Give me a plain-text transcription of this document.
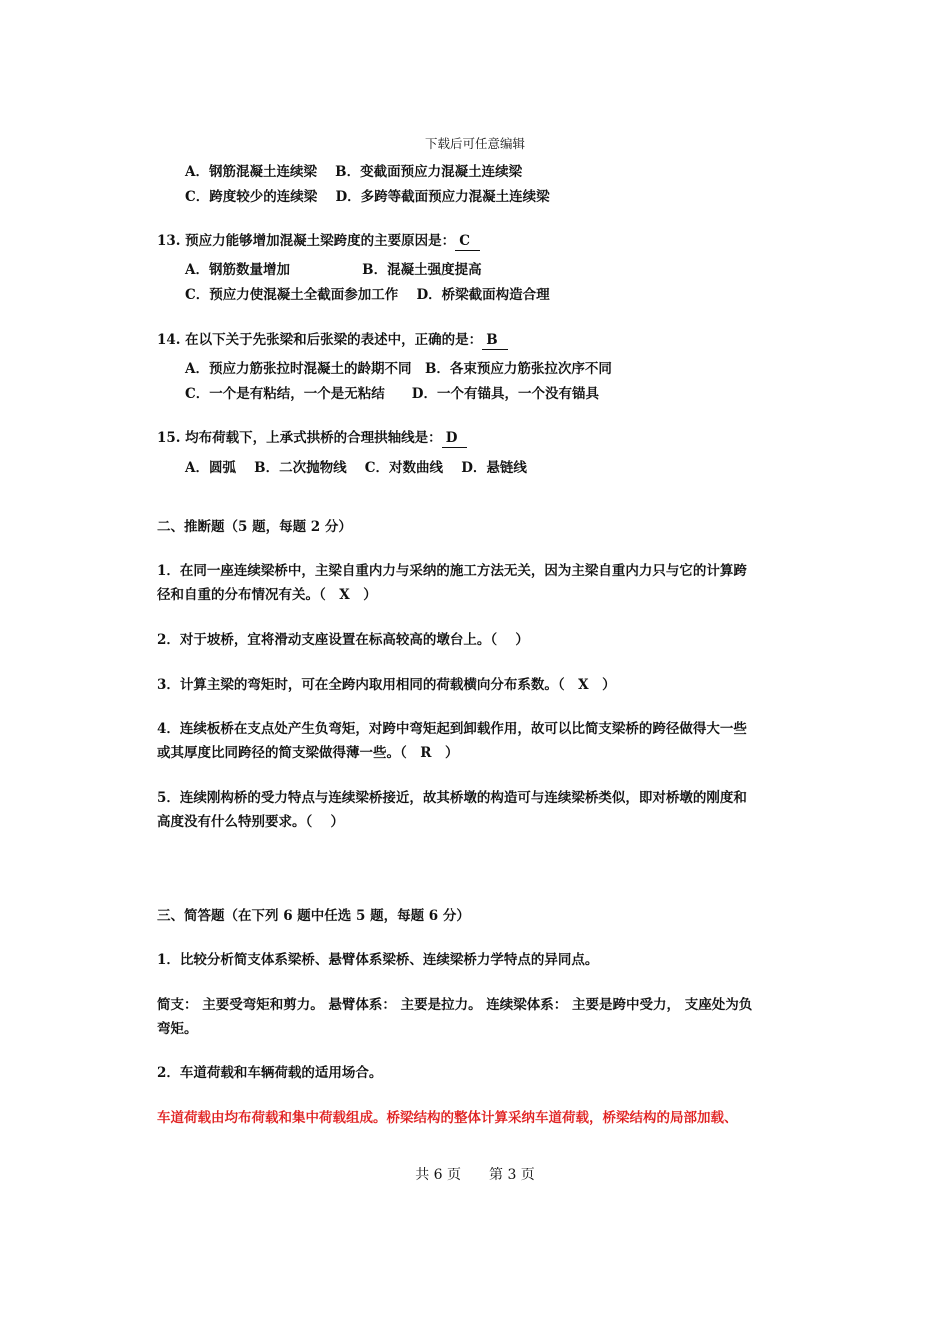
下载后可任意编辑
A．钢筋混凝土连续梁　 B．变截面预应力混凝土连续梁
C．跨度较少的连续梁　 D．多跨等截面预应力混凝土连续梁
13. 预应力能够增加混凝土梁跨度的主要原因是： C
A．钢筋数量增加　　　　　 B．混凝土强度提高
C．预应力使混凝土全截面参加工作　 D．桥梁截面构造合理
14. 在以下关于先张梁和后张梁的表述中，正确的是： B
A．预应力筋张拉时混凝土的龄期不同　B．各束预应力筋张拉次序不同
C．一个是有粘结，一个是无粘结　　D．一个有锚具，一个没有锚具
15. 均布荷载下，上承式拱桥的合理拱轴线是： D
A．圆弧　 B．二次抛物线　 C．对数曲线　 D．悬链线
二、推断题（5 题，每题 2 分）
1．在同一座连续梁桥中，主梁自重内力与采纳的施工方法无关，因为主梁自重内力只与它的计算跨
径和自重的分布情况有关。（　X　）
2．对于坡桥，宜将滑动支座设置在标高较高的墩台上。（　 ）
3．计算主梁的弯矩时，可在全跨内取用相同的荷载横向分布系数。（　X　）
4．连续板桥在支点处产生负弯矩，对跨中弯矩起到卸载作用，故可以比简支梁桥的跨径做得大一些
或其厚度比同跨径的简支梁做得薄一些。（　R　）
5．连续刚构桥的受力特点与连续梁桥接近，故其桥墩的构造可与连续梁桥类似，即对桥墩的刚度和
高度没有什么特别要求。（　 ）
三、简答题（在下列 6 题中任选 5 题，每题 6 分）
1．比较分析简支体系梁桥、悬臂体系梁桥、连续梁桥力学特点的异同点。
简支： 主要受弯矩和剪力。 悬臂体系： 主要是拉力。 连续梁体系： 主要是跨中受力， 支座处为负
弯矩。
2．车道荷载和车辆荷载的适用场合。
车道荷载由均布荷载和集中荷载组成。桥梁结构的整体计算采纳车道荷载，桥梁结构的局部加载、
共 6 页　　第 3 页
